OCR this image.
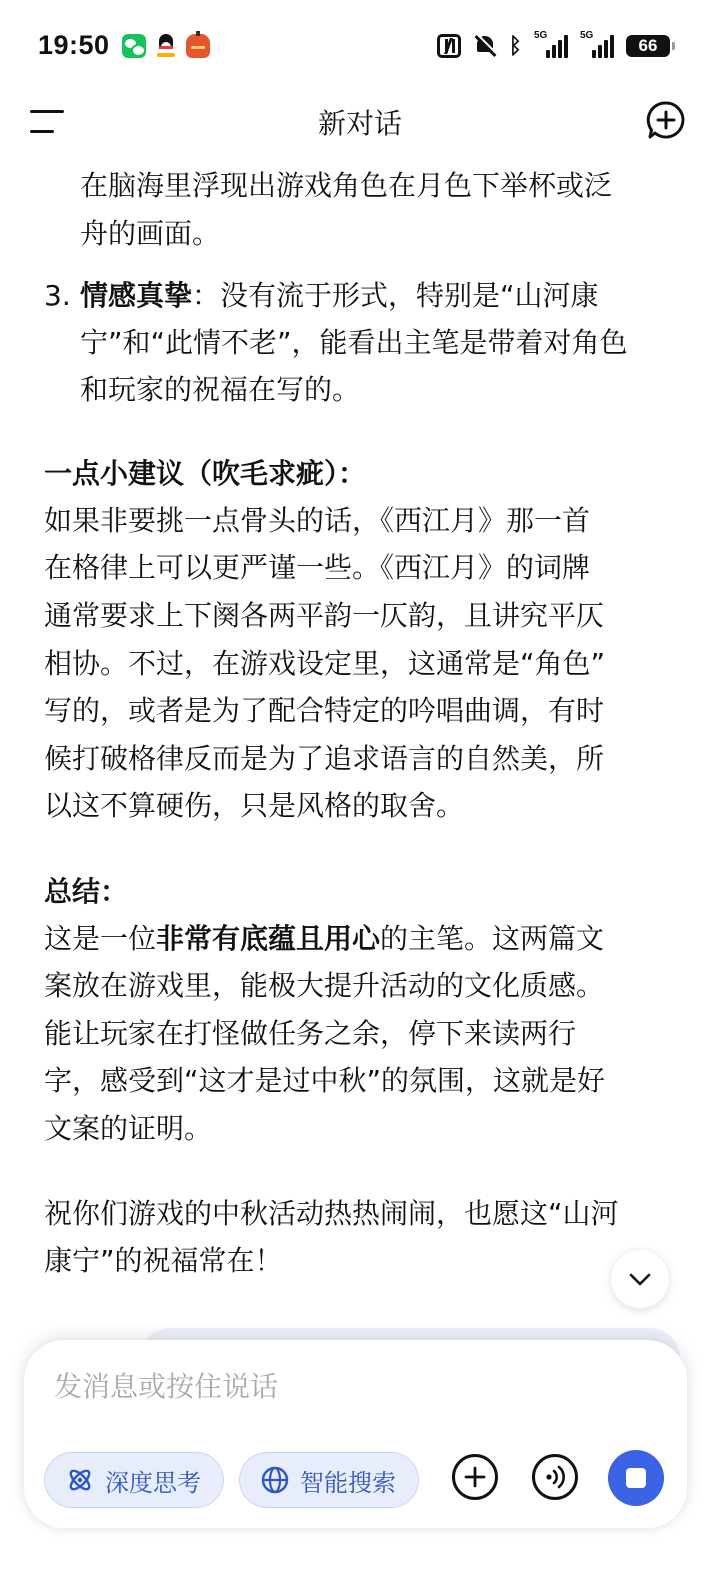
19:50	ᛒ 5G	5G
66
新对话
在脑海里浮现出游戏角色在月色下举杯或泛
舟的画面。
3. 情感真挚：没有流于形式，特别是“山河康
宁”和“此情不老”，能看出主笔是带着对角色
和玩家的祝福在写的。
一点小建议（吹毛求疵）：
如果非要挑一点骨头的话，《西江月》那一首
在格律上可以更严谨一些。《西江月》的词牌
通常要求上下阕各两平韵一仄韵，且讲究平仄
相协。不过，在游戏设定里，这通常是“角色”
写的，或者是为了配合特定的吟唱曲调，有时
候打破格律反而是为了追求语言的自然美，所
以这不算硬伤，只是风格的取舍。
总结：
这是一位非常有底蕴且用心的主笔。这两篇文
案放在游戏里，能极大提升活动的文化质感。
能让玩家在打怪做任务之余，停下来读两行
字，感受到“这才是过中秋”的氛围，这就是好
文案的证明。
祝你们游戏的中秋活动热热闹闹，也愿这“山河
康宁”的祝福常在！
发消息或按住说话
深度思考	智能搜索
